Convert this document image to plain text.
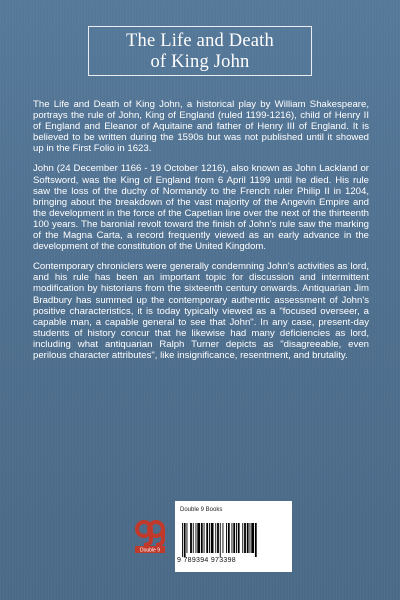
The Life and Death
of King John

The Life and Death of King John, a historical play by William Shakespeare, portrays the rule of John, King of England (ruled 1199-1216), child of Henry II of England and Eleanor of Aquitaine and father of Henry III of England. It is believed to be written during the 1590s but was not published until it showed up in the First Folio in 1623.

John (24 December 1166 - 19 October 1216), also known as John Lackland or Softsword, was the King of England from 6 April 1199 until he died. His rule saw the loss of the duchy of Normandy to the French ruler Philip II in 1204, bringing about the breakdown of the vast majority of the Angevin Empire and the development in the force of the Capetian line over the next of the thirteenth 100 years. The baronial revolt toward the finish of John's rule saw the marking of the Magna Carta, a record frequently viewed as an early advance in the development of the constitution of the United Kingdom.

Contemporary chroniclers were generally condemning John's activities as lord, and his rule has been an important topic for discussion and intermittent modification by historians from the sixteenth century onwards. Antiquarian Jim Bradbury has summed up the contemporary authentic assessment of John's positive characteristics, it is today typically viewed as a "focused overseer, a capable man, a capable general to see that John". In any case, present-day students of history concur that he likewise had many deficiencies as lord, including what antiquarian Ralph Turner depicts as "disagreeable, even perilous character attributes", like insignificance, resentment, and brutality.

Double 9
Double 9 Books
9 789394 973398
